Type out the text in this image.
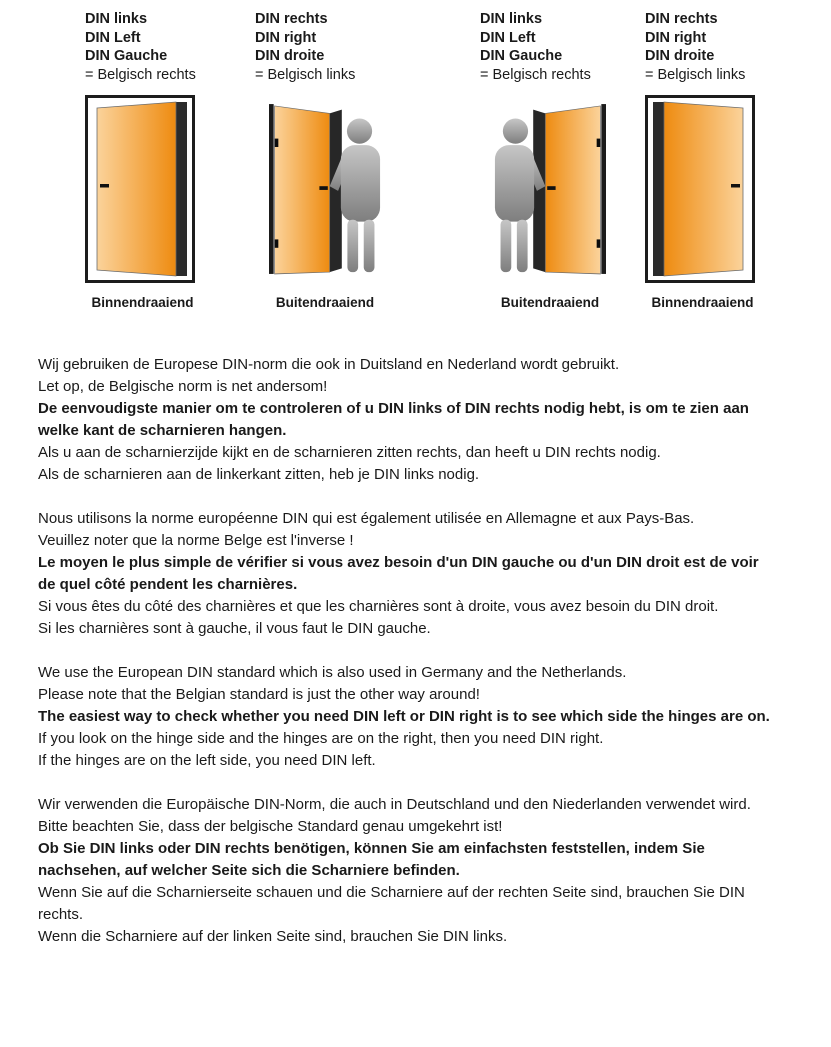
DIN links
DIN Left
DIN Gauche
= Belgisch rechts
Binnendraaiend
DIN rechts
DIN right
DIN droite
= Belgisch links
Buitendraaiend
DIN links
DIN Left
DIN Gauche
= Belgisch rechts
Buitendraaiend
DIN rechts
DIN right
DIN droite
= Belgisch links
Binnendraaiend
Wij gebruiken de Europese DIN-norm die ook in Duitsland en Nederland wordt gebruikt.
Let op, de Belgische norm is net andersom!
De eenvoudigste manier om te controleren of u DIN links of DIN rechts nodig hebt, is om te zien aan welke kant de scharnieren hangen.
Als u aan de scharnierzijde kijkt en de scharnieren zitten rechts, dan heeft u DIN rechts nodig.
Als de scharnieren aan de linkerkant zitten, heb je DIN links nodig.
Nous utilisons la norme européenne DIN qui est également utilisée en Allemagne et aux Pays-Bas.
Veuillez noter que la norme Belge est l'inverse !
Le moyen le plus simple de vérifier si vous avez besoin d'un DIN gauche ou d'un DIN droit est de voir de quel côté pendent les charnières.
Si vous êtes du côté des charnières et que les charnières sont à droite, vous avez besoin du DIN droit.
Si les charnières sont à gauche, il vous faut le DIN gauche.
We use the European DIN standard which is also used in Germany and the Netherlands.
Please note that the Belgian standard is just the other way around!
The easiest way to check whether you need DIN left or DIN right is to see which side the hinges are on.
If you look on the hinge side and the hinges are on the right, then you need DIN right.
If the hinges are on the left side, you need DIN left.
Wir verwenden die Europäische DIN-Norm, die auch in Deutschland und den Niederlanden verwendet wird.
Bitte beachten Sie, dass der belgische Standard genau umgekehrt ist!
Ob Sie DIN links oder DIN rechts benötigen, können Sie am einfachsten feststellen, indem Sie nachsehen, auf welcher Seite sich die Scharniere befinden.
Wenn Sie auf die Scharnierseite schauen und die Scharniere auf der rechten Seite sind, brauchen Sie DIN rechts.
Wenn die Scharniere auf der linken Seite sind, brauchen Sie DIN links.
